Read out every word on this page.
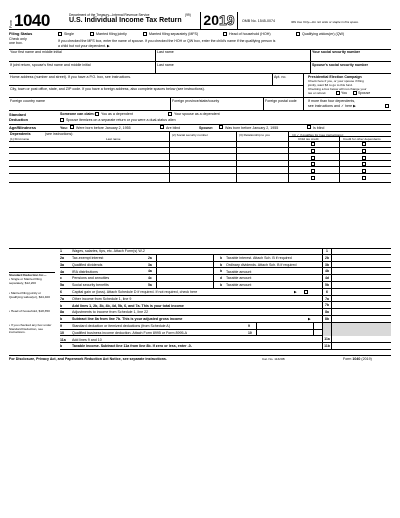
Form 1040	Department of the Treasury—Internal Revenue Service	(99)
U.S. Individual Income Tax Return 2019	OMB No. 1545-0074	IRS Use Only—Do not write or staple in this space.
Filing Status
Check only
one box.
Single	Married filing jointly	Married filing separately (MFS)	Head of household (HOH)	Qualifying widow(er) (QW)
If you checked the MFS box, enter the name of spouse. If you checked the HOH or QW box, enter the child's name if the qualifying person is
a child but not your dependent. ▶
Your first name and middle initial	Last name	Your social security number
If joint return, spouse's first name and middle initial	Last name	Spouse's social security number
Home address (number and street). If you have a P.O. box, see instructions.	Apt. no.
City, town or post office, state, and ZIP code. If you have a foreign address, also complete spaces below (see instructions).
Foreign country name	Foreign province/state/county	Foreign postal code
Presidential Election Campaign
Check here if you, or your spouse if filing
jointly, want $3 to go to this fund.
Checking a box below will not change your
tax or refund.	You	Spouse
If more than four dependents,
see instructions and ✓ here ▶
Standard
Deduction
Someone can claim: You as a dependent	Your spouse as a dependent
Spouse itemizes on a separate return or you were a dual-status alien
Age/Blindness	You: Were born before January 2, 1955	Are blind	Spouse:	Was born before January 2, 1955	Is blind
Dependents	(see instructions):
(1) First name	Last name
(2) Social security number	(3) Relationship to you	(4) ✓ if qualifies for (see instructions):
Child tax credit	Credit for other dependents
Standard Deduction for—
• Single or Married filing separately, $12,200
• Married filing jointly or Qualifying widow(er), $24,400
• Head of household, $18,350
• If you checked any box under Standard Deduction, see instructions.
1	Wages, salaries, tips, etc. Attach Form(s) W-2	1
2a Tax-exempt interest	2a	b Taxable interest. Attach Sch. B if required	2b
3a Qualified dividends	3a	b Ordinary dividends. Attach Sch. B if required	3b
4a IRA distributions	4a	b Taxable amount	4b
c	Pensions and annuities	4c	d Taxable amount	4d
5a Social security benefits	5a	b Taxable amount	5b
6	Capital gain or (loss). Attach Schedule D if required. If not required, check here	▶	6
7a Other income from Schedule 1, line 9	7a
b	Add lines 1, 2b, 3b, 4b, 4d, 5b, 6, and 7a. This is your total income	7b
8a Adjustments to income from Schedule 1, line 22	8a
b	Subtract line 8a from line 7b. This is your adjusted gross income	▶	8b
9	Standard deduction or itemized deductions (from Schedule A)	9
10 Qualified business income deduction. Attach Form 8995 or Form 8995-A	10
11a Add lines 9 and 10	11a
b	Taxable income. Subtract line 11a from line 8b. If zero or less, enter -0-	11b
For Disclosure, Privacy Act, and Paperwork Reduction Act Notice, see separate instructions.	Cat. No. 11320B	Form 1040 (2019)
